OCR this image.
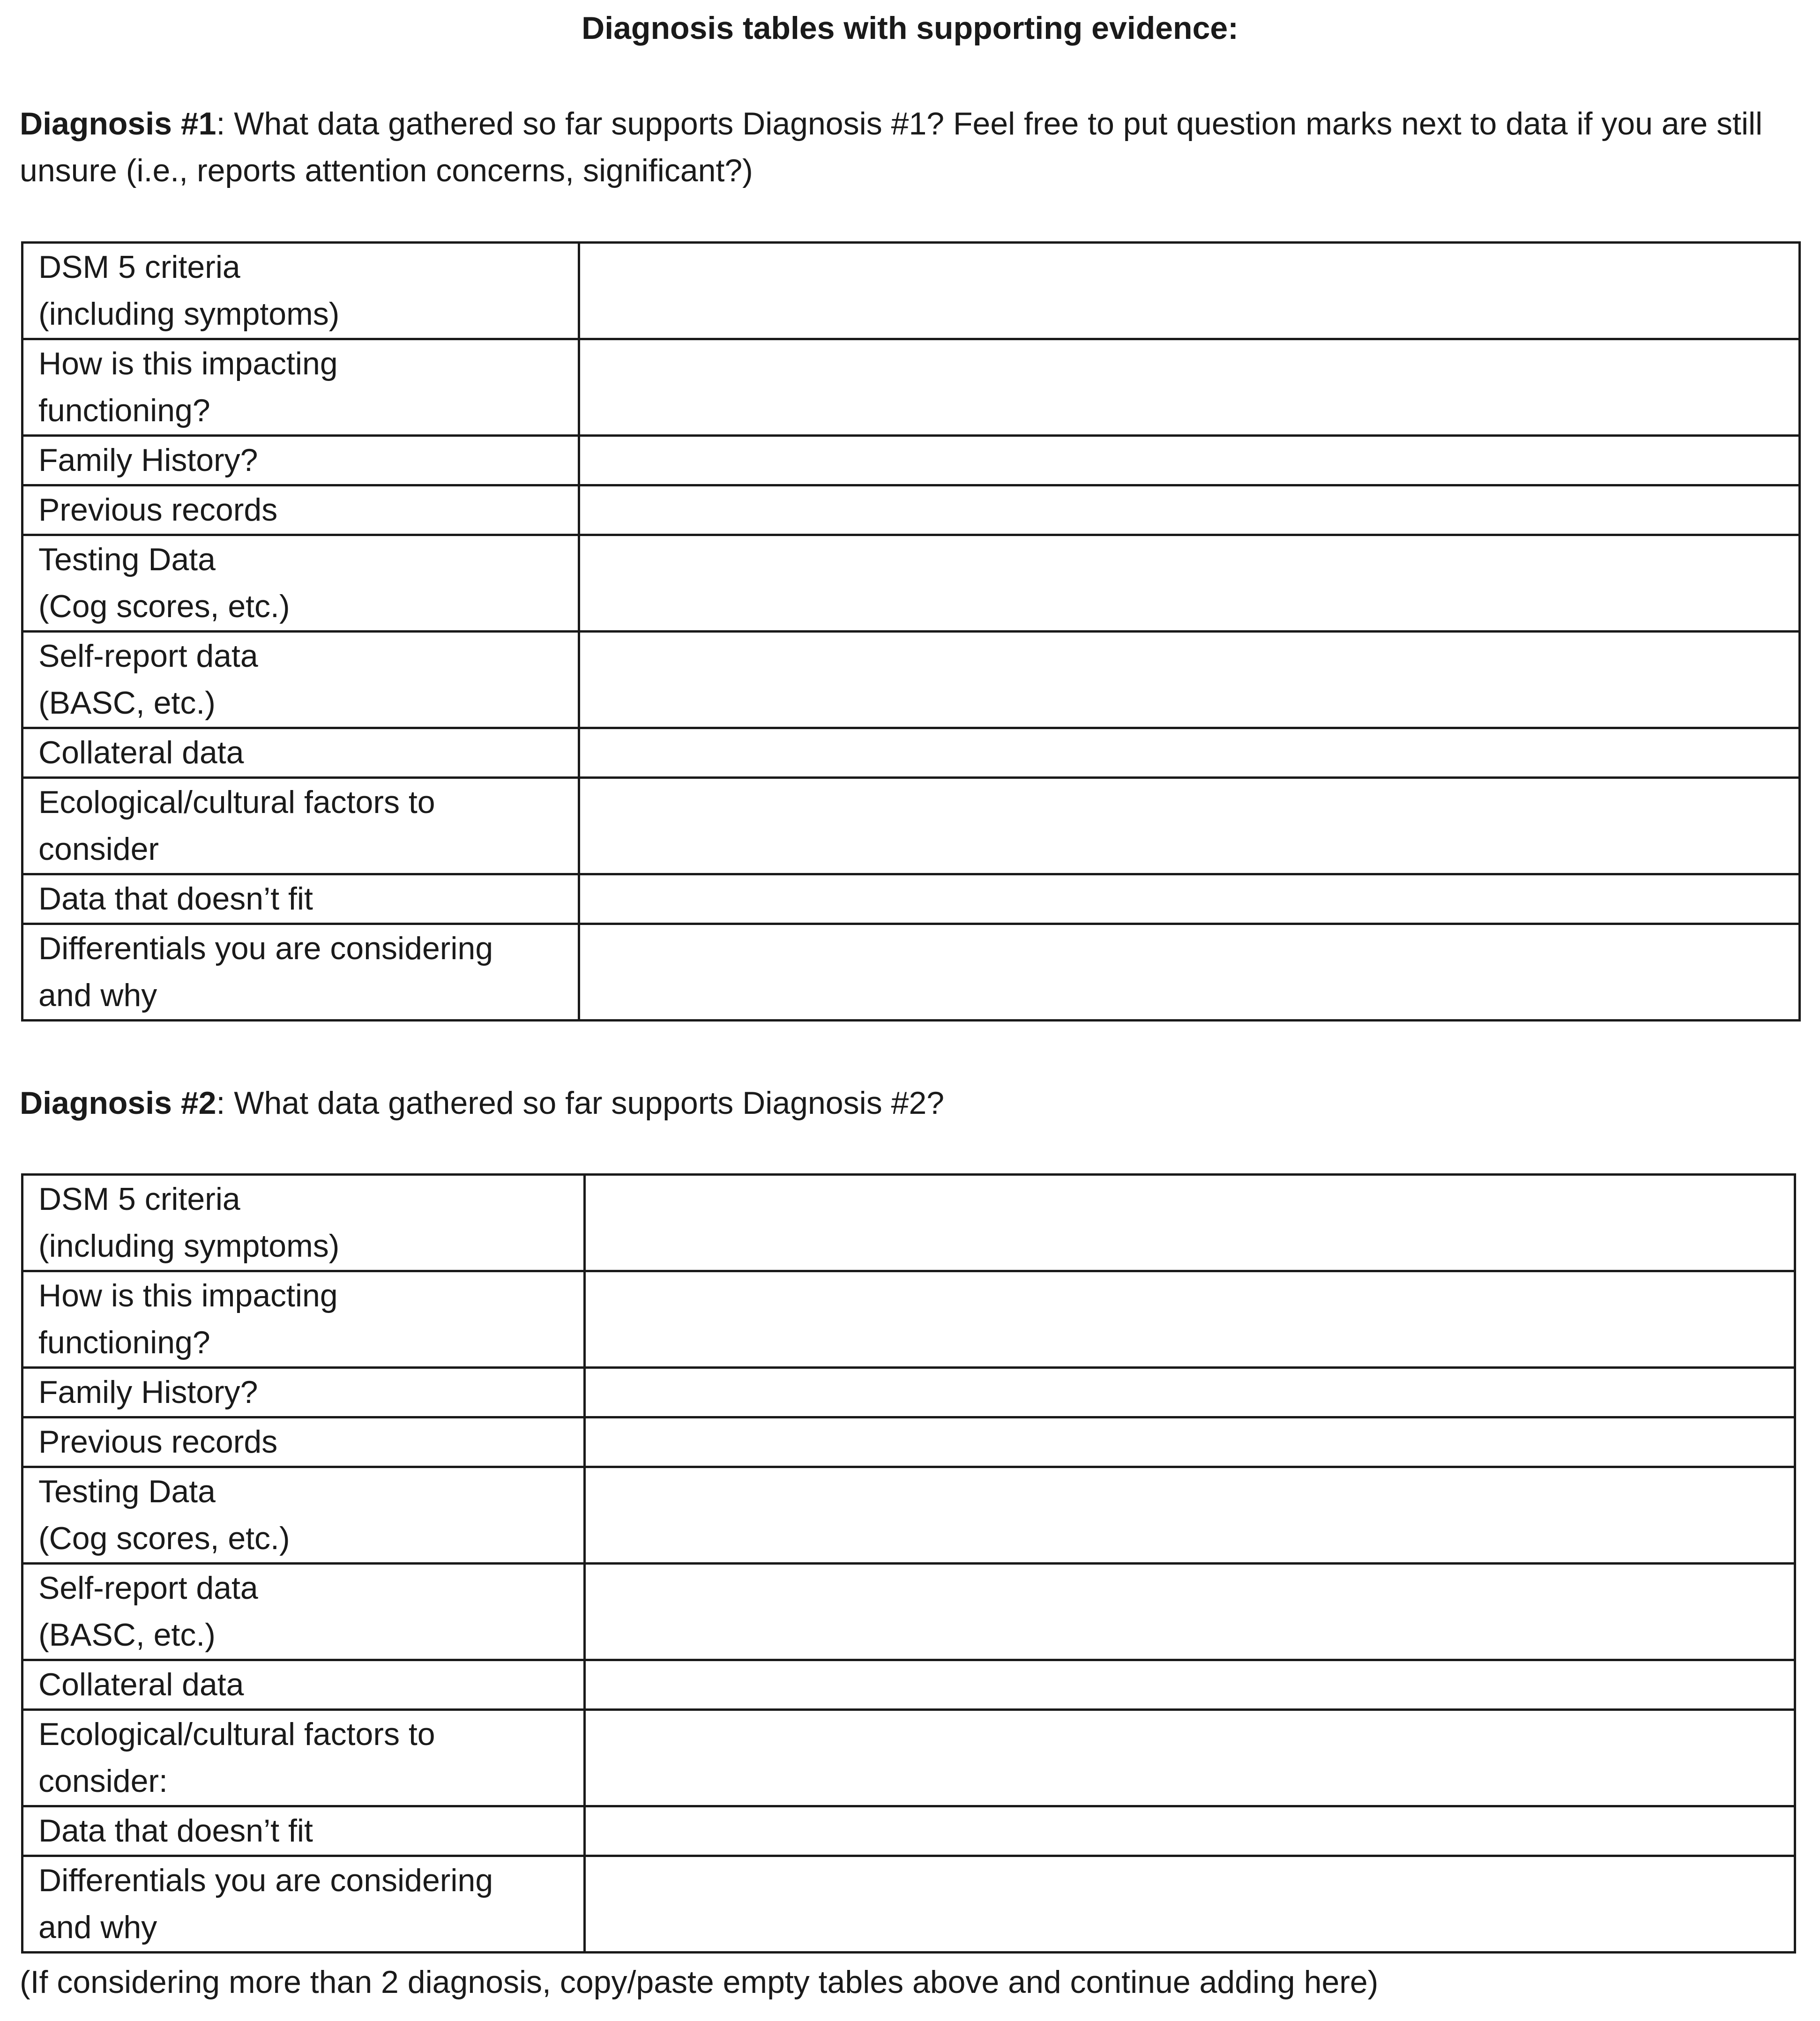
Diagnosis tables with supporting evidence:
Diagnosis #1: What data gathered so far supports Diagnosis #1? Feel free to put question marks next to data if you are still unsure (i.e., reports attention concerns, significant?)
DSM 5 criteria
(including symptoms)	
How is this impacting
functioning?	
Family History?	
Previous records	
Testing Data
(Cog scores, etc.)	
Self-report data
(BASC, etc.)	
Collateral data	
Ecological/cultural factors to
consider	
Data that doesn’t fit	
Differentials you are considering
and why	
Diagnosis #2: What data gathered so far supports Diagnosis #2?
DSM 5 criteria
(including symptoms)	
How is this impacting
functioning?	
Family History?	
Previous records	
Testing Data
(Cog scores, etc.)	
Self-report data
(BASC, etc.)	
Collateral data	
Ecological/cultural factors to
consider:	
Data that doesn’t fit	
Differentials you are considering
and why	
(If considering more than 2 diagnosis, copy/paste empty tables above and continue adding here)
